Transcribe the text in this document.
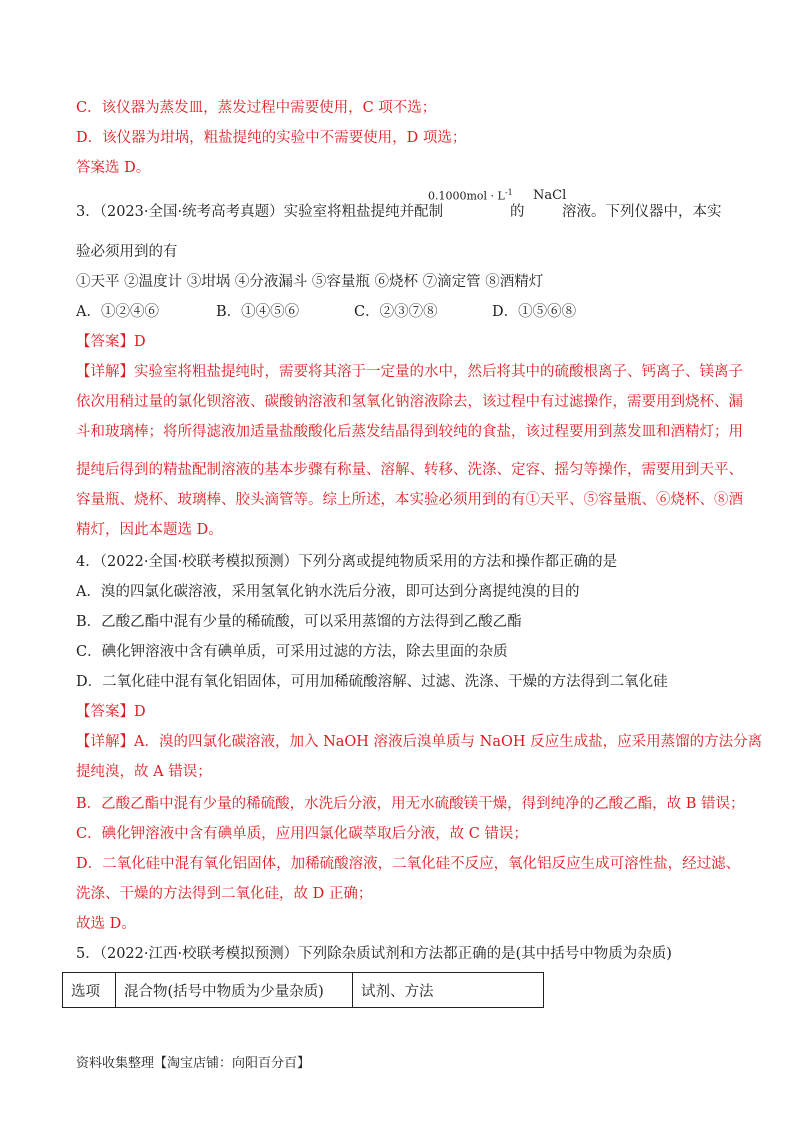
C．该仪器为蒸发皿，蒸发过程中需要使用，C 项不选；
D．该仪器为坩埚，粗盐提纯的实验中不需要使用，D 项选；
答案选 D。
3．（2023·全国·统考高考真题）实验室将粗盐提纯并配制
$0.1000mol \cdot L^{-1}$
的
NaCl
溶液。下列仪器中，本实
验必须用到的有
①天平 ②温度计 ③坩埚 ④分液漏斗 ⑤容量瓶 ⑥烧杯 ⑦滴定管 ⑧酒精灯
A．①②④⑥	B．①④⑤⑥	C．②③⑦⑧	D．①⑤⑥⑧
【答案】D
【详解】实验室将粗盐提纯时，需要将其溶于一定量的水中，然后将其中的硫酸根离子、钙离子、镁离子
依次用稍过量的氯化钡溶液、碳酸钠溶液和氢氧化钠溶液除去，该过程中有过滤操作，需要用到烧杯、漏
斗和玻璃棒；将所得滤液加适量盐酸酸化后蒸发结晶得到较纯的食盐，该过程要用到蒸发皿和酒精灯；用
提纯后得到的精盐配制溶液的基本步骤有称量、溶解、转移、洗涤、定容、摇匀等操作，需要用到天平、
容量瓶、烧杯、玻璃棒、胶头滴管等。综上所述，本实验必须用到的有①天平、⑤容量瓶、⑥烧杯、⑧酒
精灯，因此本题选 D。
4．（2022·全国·校联考模拟预测）下列分离或提纯物质采用的方法和操作都正确的是
A．溴的四氯化碳溶液，采用氢氧化钠水洗后分液，即可达到分离提纯溴的目的
B．乙酸乙酯中混有少量的稀硫酸，可以采用蒸馏的方法得到乙酸乙酯
C．碘化钾溶液中含有碘单质，可采用过滤的方法，除去里面的杂质
D．二氧化硅中混有氧化铝固体，可用加稀硫酸溶解、过滤、洗涤、干燥的方法得到二氧化硅
【答案】D
【详解】A．溴的四氯化碳溶液，加入 NaOH 溶液后溴单质与 NaOH 反应生成盐，应采用蒸馏的方法分离
提纯溴，故 A 错误；
B．乙酸乙酯中混有少量的稀硫酸，水洗后分液，用无水硫酸镁干燥，得到纯净的乙酸乙酯，故 B 错误；
C．碘化钾溶液中含有碘单质，应用四氯化碳萃取后分液，故 C 错误；
D．二氧化硅中混有氧化铝固体，加稀硫酸溶液，二氧化硅不反应，氧化铝反应生成可溶性盐，经过滤、
洗涤、干燥的方法得到二氧化硅，故 D 正确；
故选 D。
5．（2022·江西·校联考模拟预测）下列除杂质试剂和方法都正确的是(其中括号中物质为杂质)
选项	混合物(括号中物质为少量杂质)	试剂、方法
资料收集整理【淘宝店铺：向阳百分百】
